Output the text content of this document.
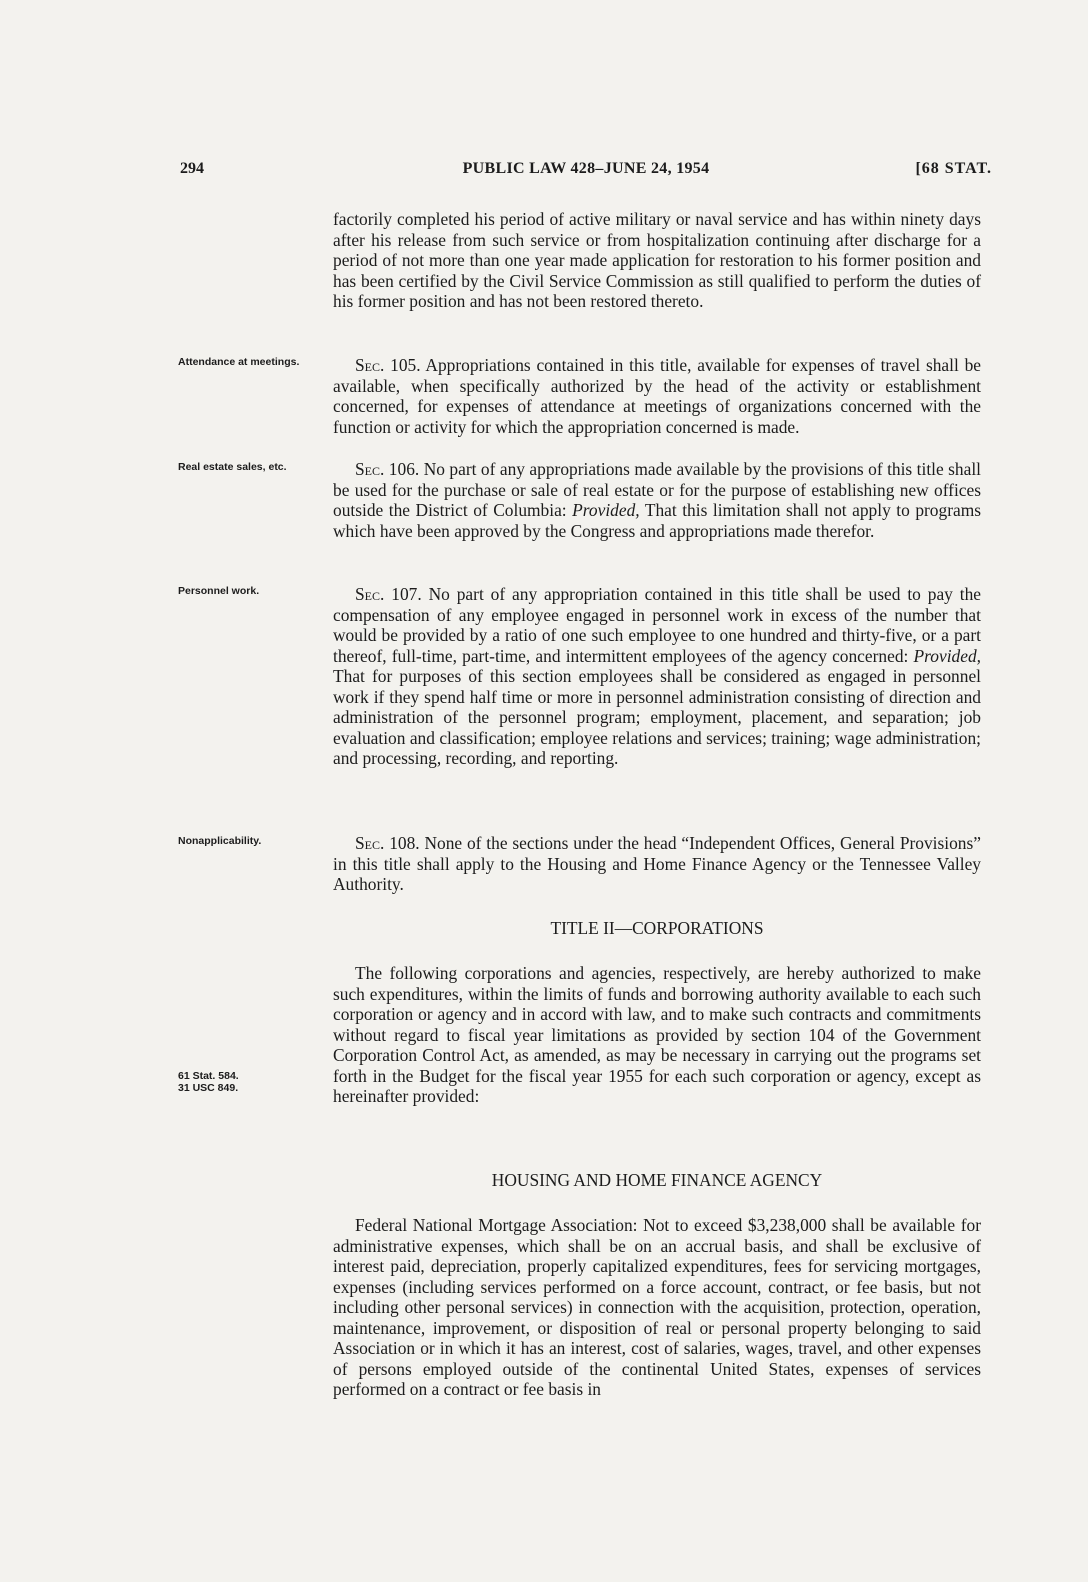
294	PUBLIC LAW 428–JUNE 24, 1954	[68 STAT.

factorily completed his period of active military or naval service and has within ninety days after his release from such service or from hospitalization continuing after discharge for a period of not more than one year made application for restoration to his former position and has been certified by the Civil Service Commission as still qualified to perform the duties of his former position and has not been restored thereto.

Attendance at meetings.	Sec. 105. Appropriations contained in this title, available for expenses of travel shall be available, when specifically authorized by the head of the activity or establishment concerned, for expenses of attendance at meetings of organizations concerned with the function or activity for which the appropriation concerned is made.

Real estate sales, etc.	Sec. 106. No part of any appropriations made available by the provisions of this title shall be used for the purchase or sale of real estate or for the purpose of establishing new offices outside the District of Columbia: Provided, That this limitation shall not apply to programs which have been approved by the Congress and appropriations made therefor.

Personnel work.	Sec. 107. No part of any appropriation contained in this title shall be used to pay the compensation of any employee engaged in personnel work in excess of the number that would be provided by a ratio of one such employee to one hundred and thirty-five, or a part thereof, full-time, part-time, and intermittent employees of the agency concerned: Provided, That for purposes of this section employees shall be considered as engaged in personnel work if they spend half time or more in personnel administration consisting of direction and administration of the personnel program; employment, placement, and separation; job evaluation and classification; employee relations and services; training; wage administration; and processing, recording, and reporting.

Nonapplicability.	Sec. 108. None of the sections under the head “Independent Offices, General Provisions” in this title shall apply to the Housing and Home Finance Agency or the Tennessee Valley Authority.

TITLE II—CORPORATIONS
61 Stat. 584.
31 USC 849.

The following corporations and agencies, respectively, are hereby authorized to make such expenditures, within the limits of funds and borrowing authority available to each such corporation or agency and in accord with law, and to make such contracts and commitments without regard to fiscal year limitations as provided by section 104 of the Government Corporation Control Act, as amended, as may be necessary in carrying out the programs set forth in the Budget for the fiscal year 1955 for each such corporation or agency, except as hereinafter provided:

HOUSING AND HOME FINANCE AGENCY

Federal National Mortgage Association: Not to exceed $3,238,000 shall be available for administrative expenses, which shall be on an accrual basis, and shall be exclusive of interest paid, depreciation, properly capitalized expenditures, fees for servicing mortgages, expenses (including services performed on a force account, contract, or fee basis, but not including other personal services) in connection with the acquisition, protection, operation, maintenance, improvement, or disposition of real or personal property belonging to said Association or in which it has an interest, cost of salaries, wages, travel, and other expenses of persons employed outside of the continental United States, expenses of services performed on a contract or fee basis in
